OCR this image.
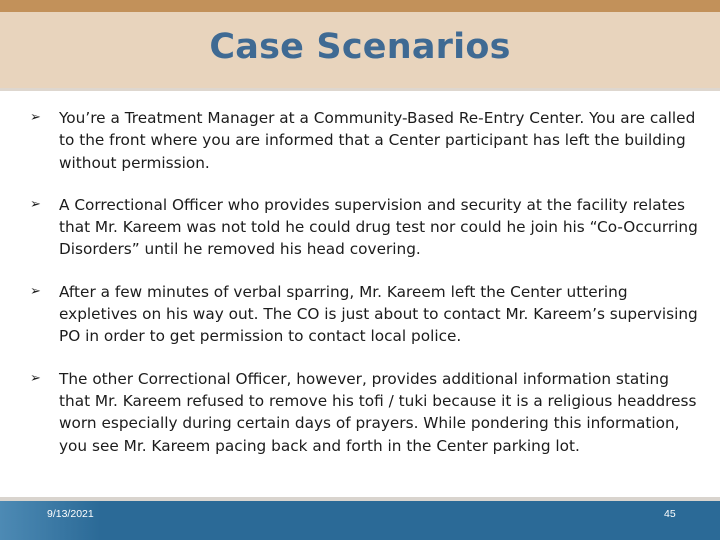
Case Scenarios
➢ You’re a Treatment Manager at a Community-Based Re-Entry Center. You are called to the front where you are informed that a Center participant has left the building without permission.
➢ A Correctional Officer who provides supervision and security at the facility relates that Mr. Kareem was not told he could drug test nor could he join his “Co-Occurring Disorders” until he removed his head covering.
➢ After a few minutes of verbal sparring, Mr. Kareem left the Center uttering expletives on his way out. The CO is just about to contact Mr. Kareem’s supervising PO in order to get permission to contact local police.
➢ The other Correctional Officer, however, provides additional information stating that Mr. Kareem refused to remove his tofi / tuki because it is a religious headdress worn especially during certain days of prayers. While pondering this information, you see Mr. Kareem pacing back and forth in the Center parking lot.
9/13/2021	45
